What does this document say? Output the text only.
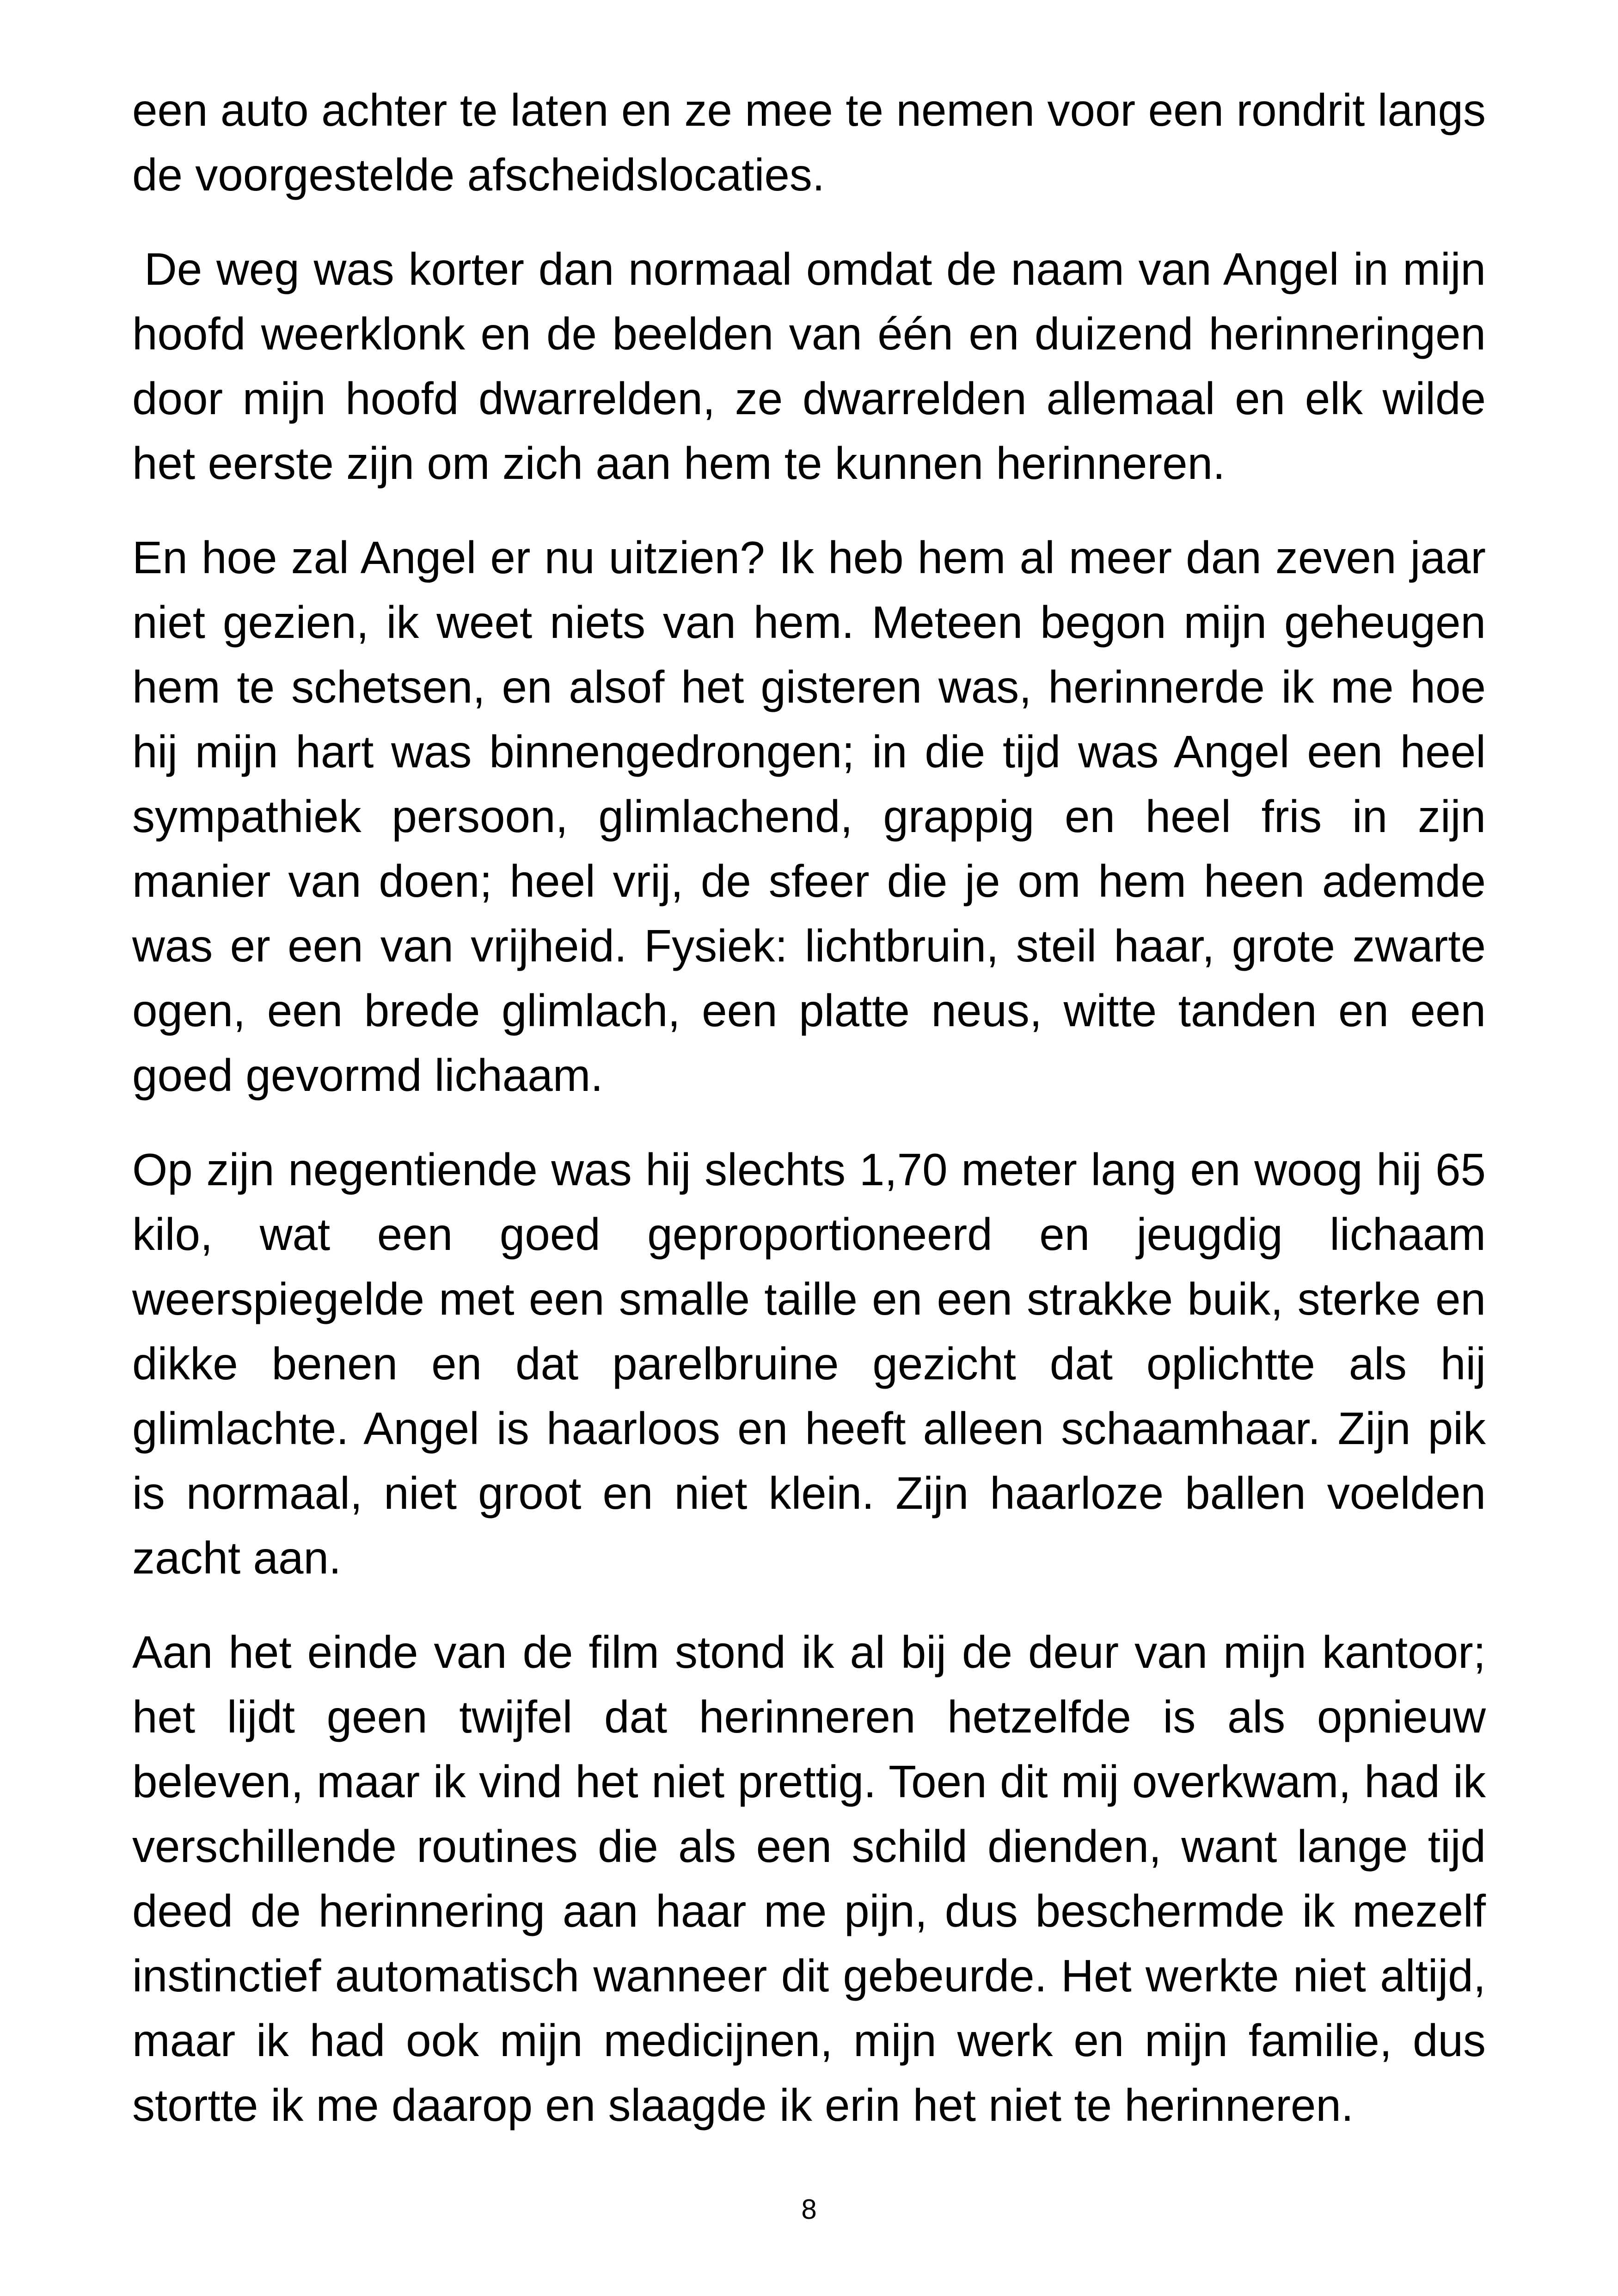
een auto achter te laten en ze mee te nemen voor een rondrit langs de voorgestelde afscheidslocaties.

De weg was korter dan normaal omdat de naam van Angel in mijn hoofd weerklonk en de beelden van één en duizend herinneringen door mijn hoofd dwarrelden, ze dwarrelden allemaal en elk wilde het eerste zijn om zich aan hem te kunnen herinneren.

En hoe zal Angel er nu uitzien? Ik heb hem al meer dan zeven jaar niet gezien, ik weet niets van hem. Meteen begon mijn geheugen hem te schetsen, en alsof het gisteren was, herinnerde ik me hoe hij mijn hart was binnengedrongen; in die tijd was Angel een heel sympathiek persoon, glimlachend, grappig en heel fris in zijn manier van doen; heel vrij, de sfeer die je om hem heen ademde was er een van vrijheid. Fysiek: lichtbruin, steil haar, grote zwarte ogen, een brede glimlach, een platte neus, witte tanden en een goed gevormd lichaam.

Op zijn negentiende was hij slechts 1,70 meter lang en woog hij 65 kilo, wat een goed geproportioneerd en jeugdig lichaam weerspiegelde met een smalle taille en een strakke buik, sterke en dikke benen en dat parelbruine gezicht dat oplichtte als hij glimlachte. Angel is haarloos en heeft alleen schaamhaar. Zijn pik is normaal, niet groot en niet klein. Zijn haarloze ballen voelden zacht aan.

Aan het einde van de film stond ik al bij de deur van mijn kantoor; het lijdt geen twijfel dat herinneren hetzelfde is als opnieuw beleven, maar ik vind het niet prettig. Toen dit mij overkwam, had ik verschillende routines die als een schild dienden, want lange tijd deed de herinnering aan haar me pijn, dus beschermde ik mezelf instinctief automatisch wanneer dit gebeurde. Het werkte niet altijd, maar ik had ook mijn medicijnen, mijn werk en mijn familie, dus stortte ik me daarop en slaagde ik erin het niet te herinneren.

8
